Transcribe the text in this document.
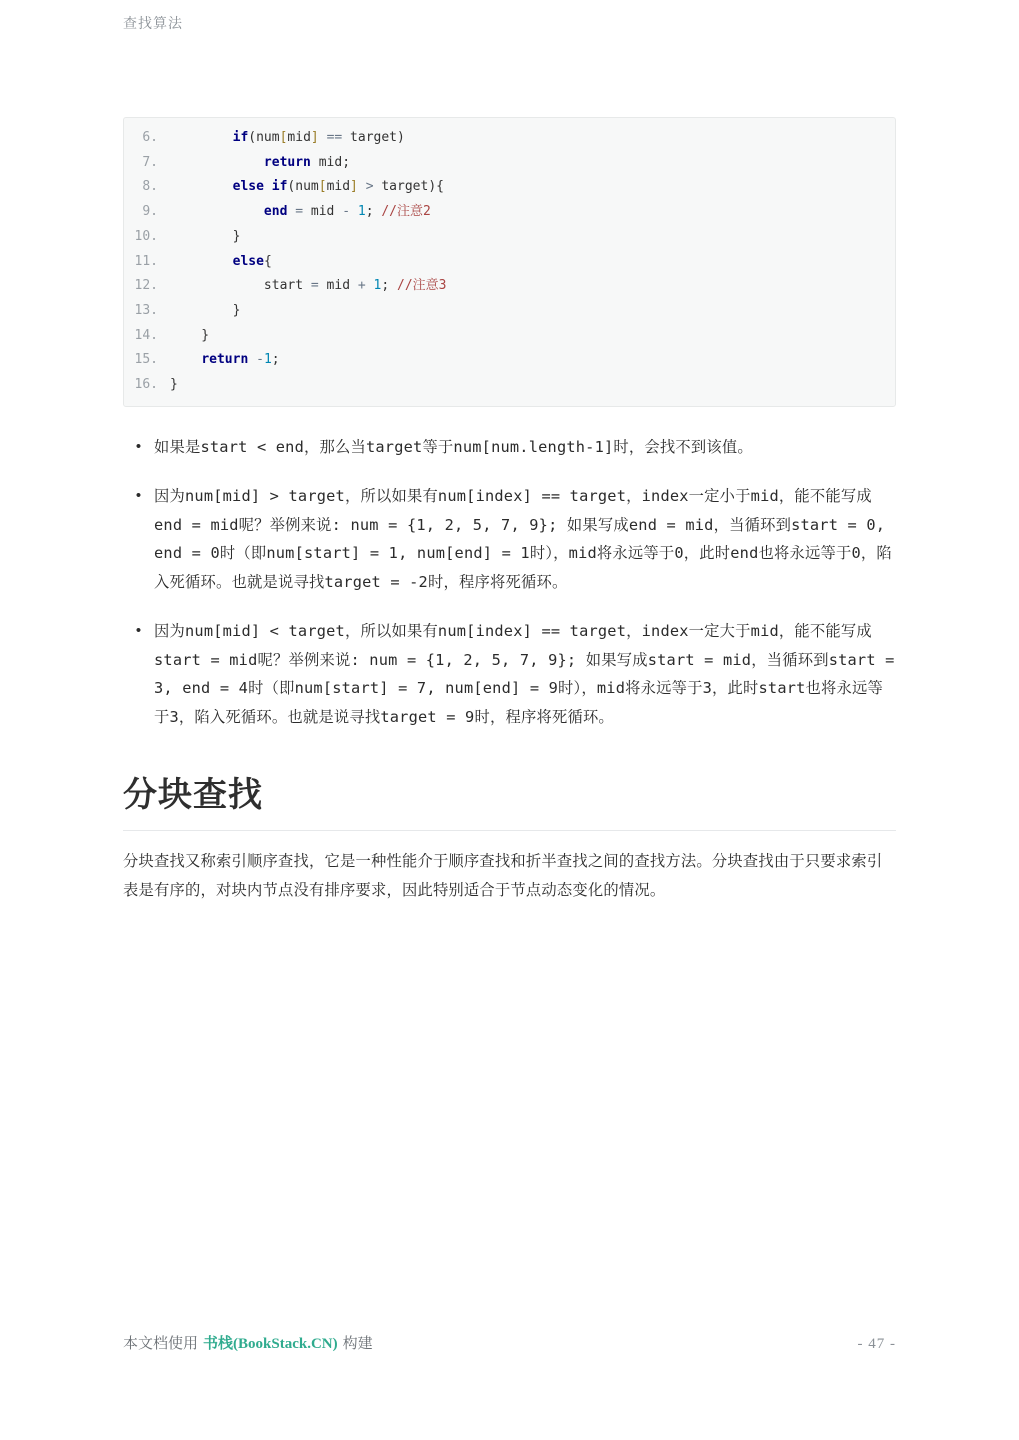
查找算法
6.	if(num[mid] == target)
7.	return mid;
8.	else if(num[mid] > target){
9.	end = mid - 1; //注意2
10. }
11.	else{
12. start = mid + 1; //注意3
13. }
14. }
15.	return -1;
16. }
• 如果是start < end，那么当target等于num[num.length-1]时，会找不到该值。
• 因为num[mid] > target，所以如果有num[index] == target，index一定小于mid，能不能写成end = mid呢？举例来说: num = {1, 2, 5, 7, 9}; 如果写成end = mid，当循环到start = 0, end = 0时（即num[start] = 1, num[end] = 1时），mid将永远等于0，此时end也将永远等于0，陷入死循环。也就是说寻找target = -2时，程序将死循环。
• 因为num[mid] < target，所以如果有num[index] == target，index一定大于mid，能不能写成start = mid呢？举例来说: num = {1, 2, 5, 7, 9}; 如果写成start = mid，当循环到start = 3, end = 4时（即num[start] = 7, num[end] = 9时），mid将永远等于3，此时start也将永远等于3，陷入死循环。也就是说寻找target = 9时，程序将死循环。
分块查找

分块查找又称索引顺序查找，它是一种性能介于顺序查找和折半查找之间的查找方法。分块查找由于只要求索引表是有序的，对块内节点没有排序要求，因此特别适合于节点动态变化的情况。

本文档使用 书栈(BookStack.CN) 构建	- 47 -
